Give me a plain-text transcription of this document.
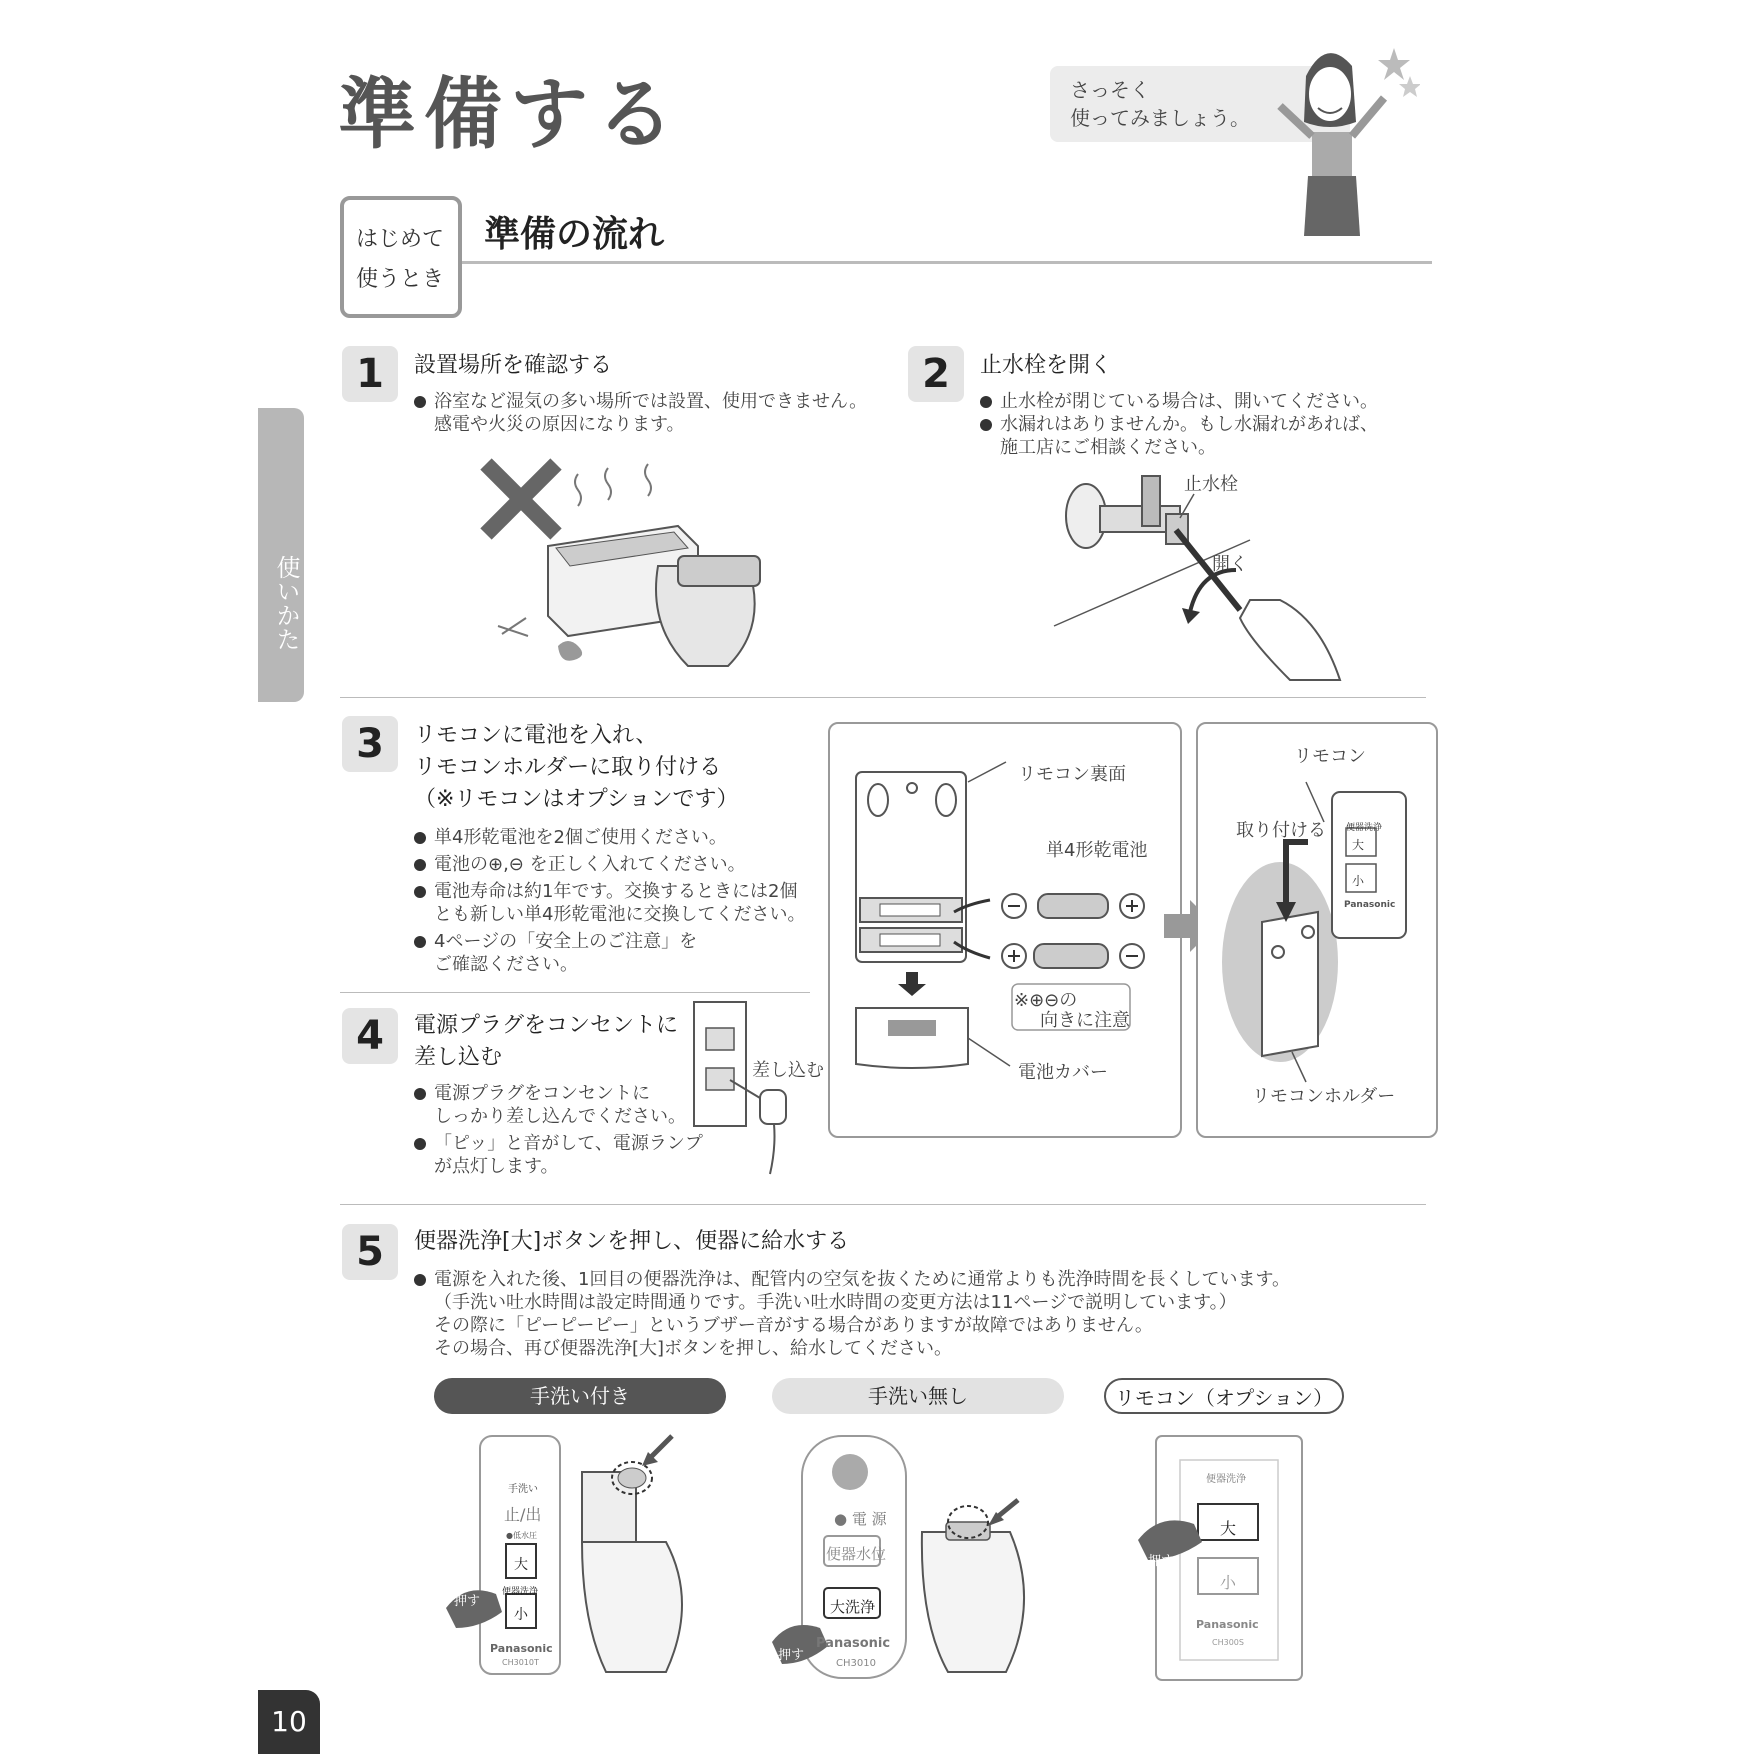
準備する	さっそく
使ってみましょう。
はじめて
使うとき
準備の流れ
使いかた
1	設置場所を確認する
浴室など湿気の多い場所では設置、使用できません。
感電や火災の原因になります。
2	止水栓を開く
止水栓が閉じている場合は、開いてください。
水漏れはありませんか。もし水漏れがあれば、
施工店にご相談ください。
止水栓
開く
3	リモコンに電池を入れ、
リモコンホルダーに取り付ける
（※リモコンはオプションです）
単4形乾電池を2個ご使用ください。
電池の⊕,⊖ を正しく入れてください。
電池寿命は約1年です。交換するときには2個
とも新しい単4形乾電池に交換してください。
4ページの「安全上のご注意」を
ご確認ください。
リモコン裏面
単4形乾電池
※⊕⊖の
向きに注意
電池カバー
リモコン
取り付ける
リモコンホルダー
便器洗浄
大
小
Panasonic
4	電源プラグをコンセントに
差し込む
電源プラグをコンセントに
しっかり差し込んでください。
「ピッ」と音がして、電源ランプ
が点灯します。
差し込む
5	便器洗浄[大]ボタンを押し、便器に給水する
電源を入れた後、1回目の便器洗浄は、配管内の空気を抜くために通常よりも洗浄時間を長くしています。
（手洗い吐水時間は設定時間通りです。手洗い吐水時間の変更方法は11ページで説明しています。）
その際に「ピーピーピー」というブザー音がする場合がありますが故障ではありません。
その場合、再び便器洗浄[大]ボタンを押し、給水してください。
手洗い付き	手洗い無し	リモコン（オプション）
手洗い
止/出
●低水圧
大
便器洗浄
小
Panasonic
CH3010T
押す
● 電 源
便器水位
大洗浄
Panasonic
CH3010
押す
便器洗浄
大
小
Panasonic
CH300S
押す
10
